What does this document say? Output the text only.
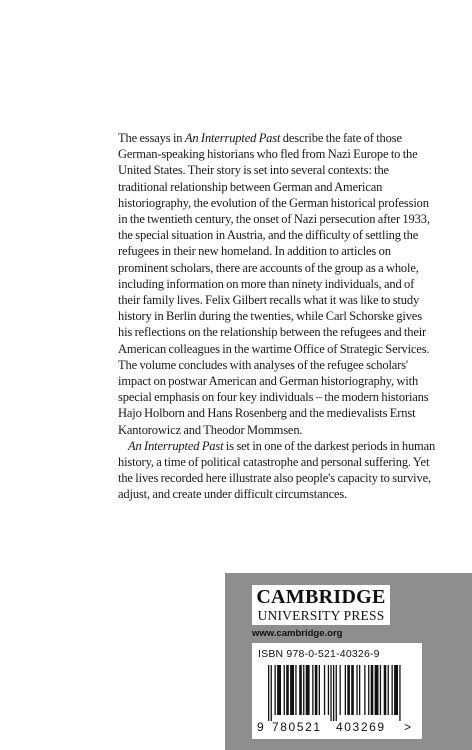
The essays in An Interrupted Past describe the fate of those German-speaking historians who fled from Nazi Europe to the United States. Their story is set into several contexts: the traditional relationship between German and American historiography, the evolution of the German historical profession in the twentieth century, the onset of Nazi persecution after 1933, the special situation in Austria, and the difficulty of settling the refugees in their new homeland. In addition to articles on prominent scholars, there are accounts of the group as a whole, including information on more than ninety individuals, and of their family lives. Felix Gilbert recalls what it was like to study history in Berlin during the twenties, while Carl Schorske gives his reflections on the relationship between the refugees and their American colleagues in the wartime Office of Strategic Services. The volume concludes with analyses of the refugee scholars' impact on postwar American and German historiography, with special emphasis on four key individuals – the modern historians Hajo Holborn and Hans Rosenberg and the medievalists Ernst Kantorowicz and Theodor Mommsen.

An Interrupted Past is set in one of the darkest periods in human history, a time of political catastrophe and personal suffering. Yet the lives recorded here illustrate also people's capacity to survive, adjust, and create under difficult circumstances.

CAMBRIDGE
UNIVERSITY PRESS
www.cambridge.org
ISBN 978-0-521-40326-9
9 780521 403269 >
